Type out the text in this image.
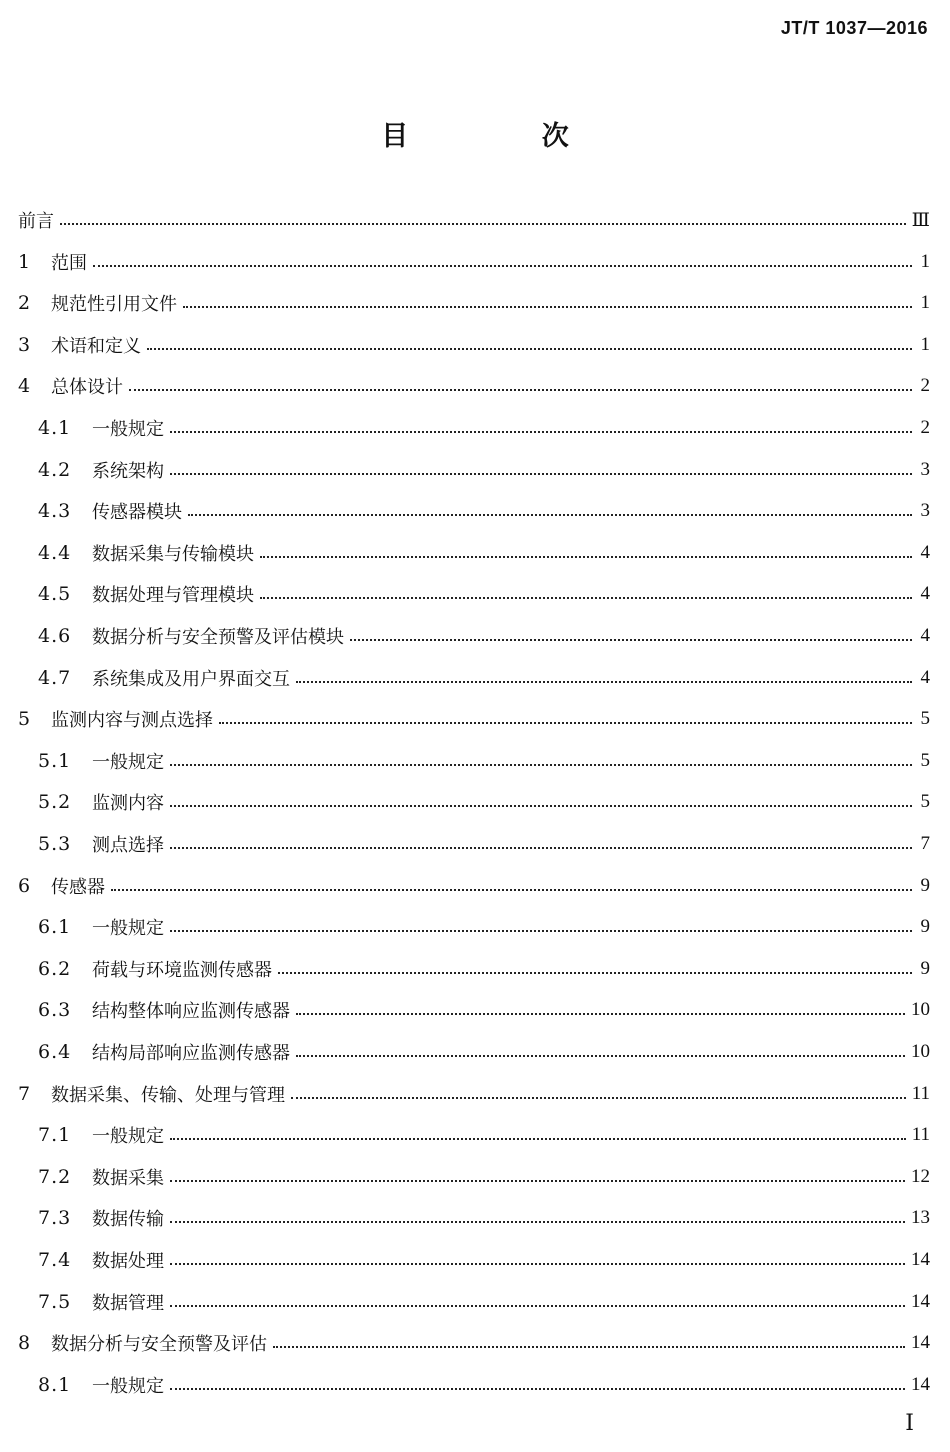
JT/T 1037—2016
目 次
前言	Ⅲ
1	范围	1
2	规范性引用文件	1
3	术语和定义	1
4	总体设计	2
4.1	一般规定	2
4.2	系统架构	3
4.3	传感器模块	3
4.4	数据采集与传输模块	4
4.5	数据处理与管理模块	4
4.6	数据分析与安全预警及评估模块	4
4.7	系统集成及用户界面交互	4
5	监测内容与测点选择	5
5.1	一般规定	5
5.2	监测内容	5
5.3	测点选择	7
6	传感器	9
6.1	一般规定	9
6.2	荷载与环境监测传感器	9
6.3	结构整体响应监测传感器	10
6.4	结构局部响应监测传感器	10
7	数据采集、传输、处理与管理	11
7.1	一般规定	11
7.2	数据采集	12
7.3	数据传输	13
7.4	数据处理	14
7.5	数据管理	14
8	数据分析与安全预警及评估	14
8.1	一般规定	14
Ⅰ
